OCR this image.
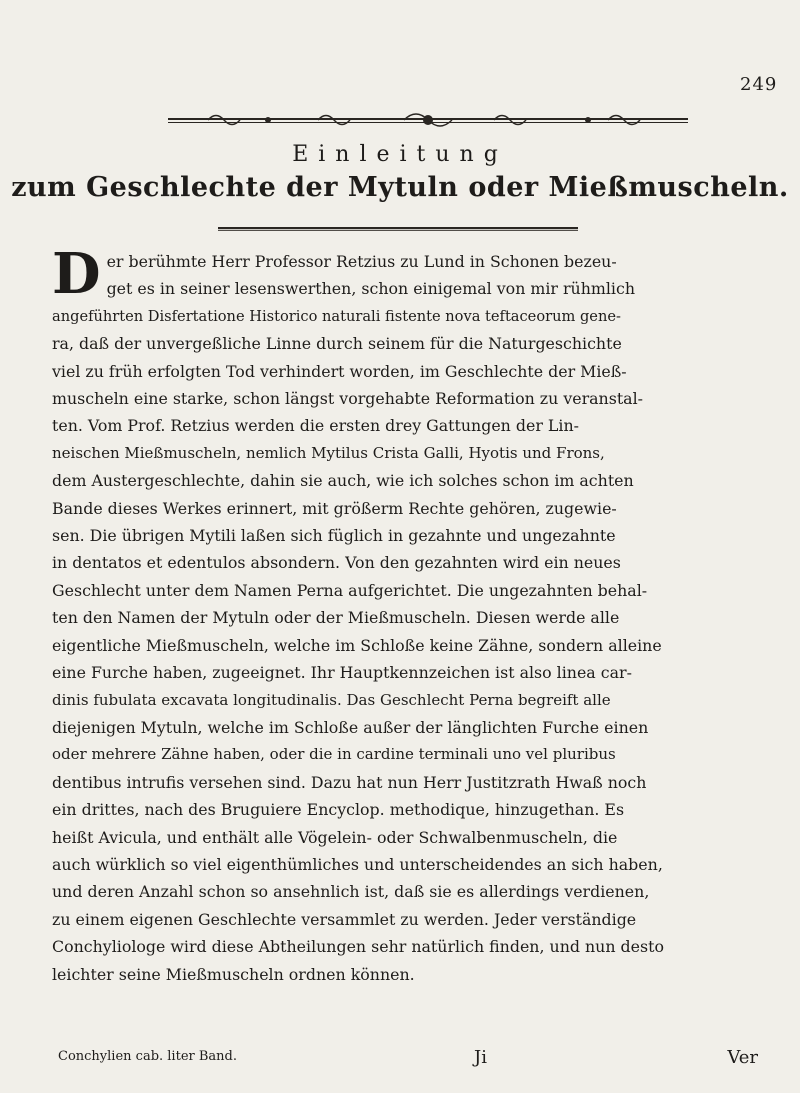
249
Einleitung
zum Geschlechte der Mytuln oder Mießmuscheln.
D er berühmte Herr Professor Retzius zu Lund in Schonen bezeu-
get es in seiner lesenswerthen, schon einigemal von mir rühmlich
angeführten Disfertatione Historico naturali fistente nova teftaceorum gene-
ra, daß der unvergeßliche Linne durch seinem für die Naturgeschichte
viel zu früh erfolgten Tod verhindert worden, im Geschlechte der Mieß-
muscheln eine starke, schon längst vorgehabte Reformation zu veranstal-
ten. Vom Prof. Retzius werden die ersten drey Gattungen der Lin-
neischen Mießmuscheln, nemlich Mytilus Crista Galli, Hyotis und Frons,
dem Austergeschlechte, dahin sie auch, wie ich solches schon im achten
Bande dieses Werkes erinnert, mit größerm Rechte gehören, zugewie-
sen. Die übrigen Mytili laßen sich füglich in gezahnte und ungezahnte
in dentatos et edentulos absondern. Von den gezahnten wird ein neues
Geschlecht unter dem Namen Perna aufgerichtet. Die ungezahnten behal-
ten den Namen der Mytuln oder der Mießmuscheln. Diesen werde alle
eigentliche Mießmuscheln, welche im Schloße keine Zähne, sondern alleine
eine Furche haben, zugeeignet. Ihr Hauptkennzeichen ist also linea car-
dinis fubulata excavata longitudinalis. Das Geschlecht Perna begreift alle
diejenigen Mytuln, welche im Schloße außer der länglichten Furche einen
oder mehrere Zähne haben, oder die in cardine terminali uno vel pluribus
dentibus intrufis versehen sind. Dazu hat nun Herr Justitzrath Hwaß noch
ein drittes, nach des Bruguiere Encyclop. methodique, hinzugethan. Es
heißt Avicula, und enthält alle Vögelein- oder Schwalbenmuscheln, die
auch würklich so viel eigenthümliches und unterscheidendes an sich haben,
und deren Anzahl schon so ansehnlich ist, daß sie es allerdings verdienen,
zu einem eigenen Geschlechte versammlet zu werden. Jeder verständige
Conchyliologe wird diese Abtheilungen sehr natürlich finden, und nun desto
leichter seine Mießmuscheln ordnen können.
Conchylien cab. liter Band.	Ji	Ver
